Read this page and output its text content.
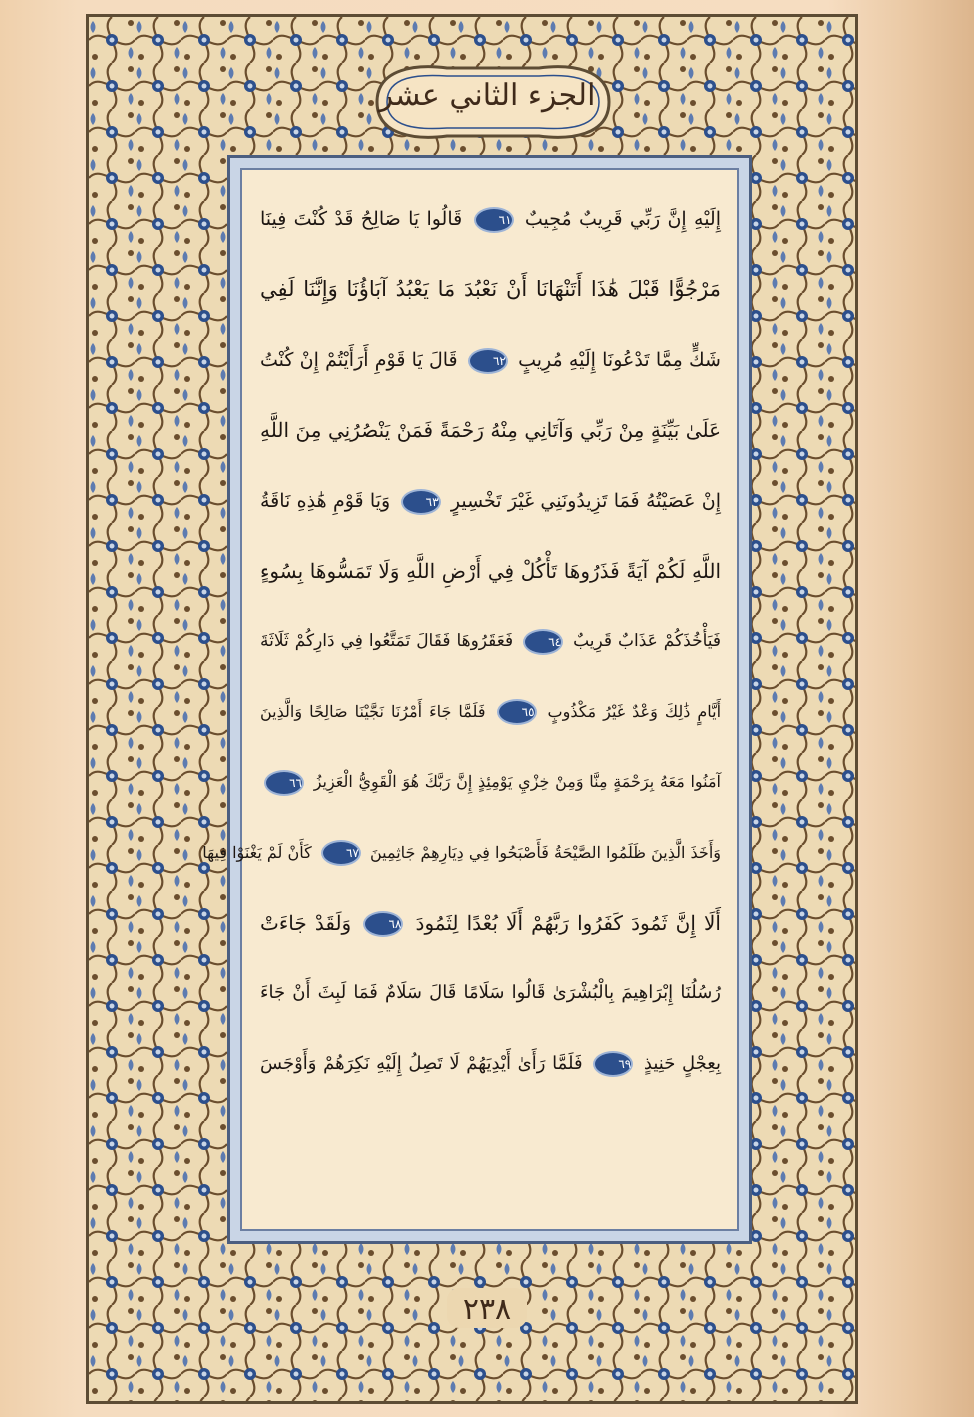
الجزء الثاني عشر
إِلَيْهِ إِنَّ رَبِّي قَرِيبٌ مُجِيبٌ ٦١ قَالُوا يَا صَالِحُ قَدْ كُنْتَ فِينَا
مَرْجُوًّا قَبْلَ هَٰذَا أَتَنْهَانَا أَنْ نَعْبُدَ مَا يَعْبُدُ آبَاؤُنَا وَإِنَّنَا لَفِي
شَكٍّ مِمَّا تَدْعُونَا إِلَيْهِ مُرِيبٍ ٦٢ قَالَ يَا قَوْمِ أَرَأَيْتُمْ إِنْ كُنْتُ
عَلَىٰ بَيِّنَةٍ مِنْ رَبِّي وَآتَانِي مِنْهُ رَحْمَةً فَمَنْ يَنْصُرُنِي مِنَ اللَّهِ
إِنْ عَصَيْتُهُ فَمَا تَزِيدُونَنِي غَيْرَ تَخْسِيرٍ ٦٣ وَيَا قَوْمِ هَٰذِهِ نَاقَةُ
اللَّهِ لَكُمْ آيَةً فَذَرُوهَا تَأْكُلْ فِي أَرْضِ اللَّهِ وَلَا تَمَسُّوهَا بِسُوءٍ
فَيَأْخُذَكُمْ عَذَابٌ قَرِيبٌ ٦٤ فَعَقَرُوهَا فَقَالَ تَمَتَّعُوا فِي دَارِكُمْ ثَلَاثَةَ
أَيَّامٍ ذَٰلِكَ وَعْدٌ غَيْرُ مَكْذُوبٍ ٦٥ فَلَمَّا جَاءَ أَمْرُنَا نَجَّيْنَا صَالِحًا وَالَّذِينَ
آمَنُوا مَعَهُ بِرَحْمَةٍ مِنَّا وَمِنْ خِزْيِ يَوْمِئِذٍ إِنَّ رَبَّكَ هُوَ الْقَوِيُّ الْعَزِيزُ ٦٦
وَأَخَذَ الَّذِينَ ظَلَمُوا الصَّيْحَةُ فَأَصْبَحُوا فِي دِيَارِهِمْ جَاثِمِينَ ٦٧ كَأَنْ لَمْ يَغْنَوْا فِيهَا
أَلَا إِنَّ ثَمُودَ كَفَرُوا رَبَّهُمْ أَلَا بُعْدًا لِثَمُودَ ٦٨ وَلَقَدْ جَاءَتْ
رُسُلُنَا إِبْرَاهِيمَ بِالْبُشْرَىٰ قَالُوا سَلَامًا قَالَ سَلَامٌ فَمَا لَبِثَ أَنْ جَاءَ
بِعِجْلٍ حَنِيذٍ ٦٩ فَلَمَّا رَأَىٰ أَيْدِيَهُمْ لَا تَصِلُ إِلَيْهِ نَكِرَهُمْ وَأَوْجَسَ
٢٣٨
